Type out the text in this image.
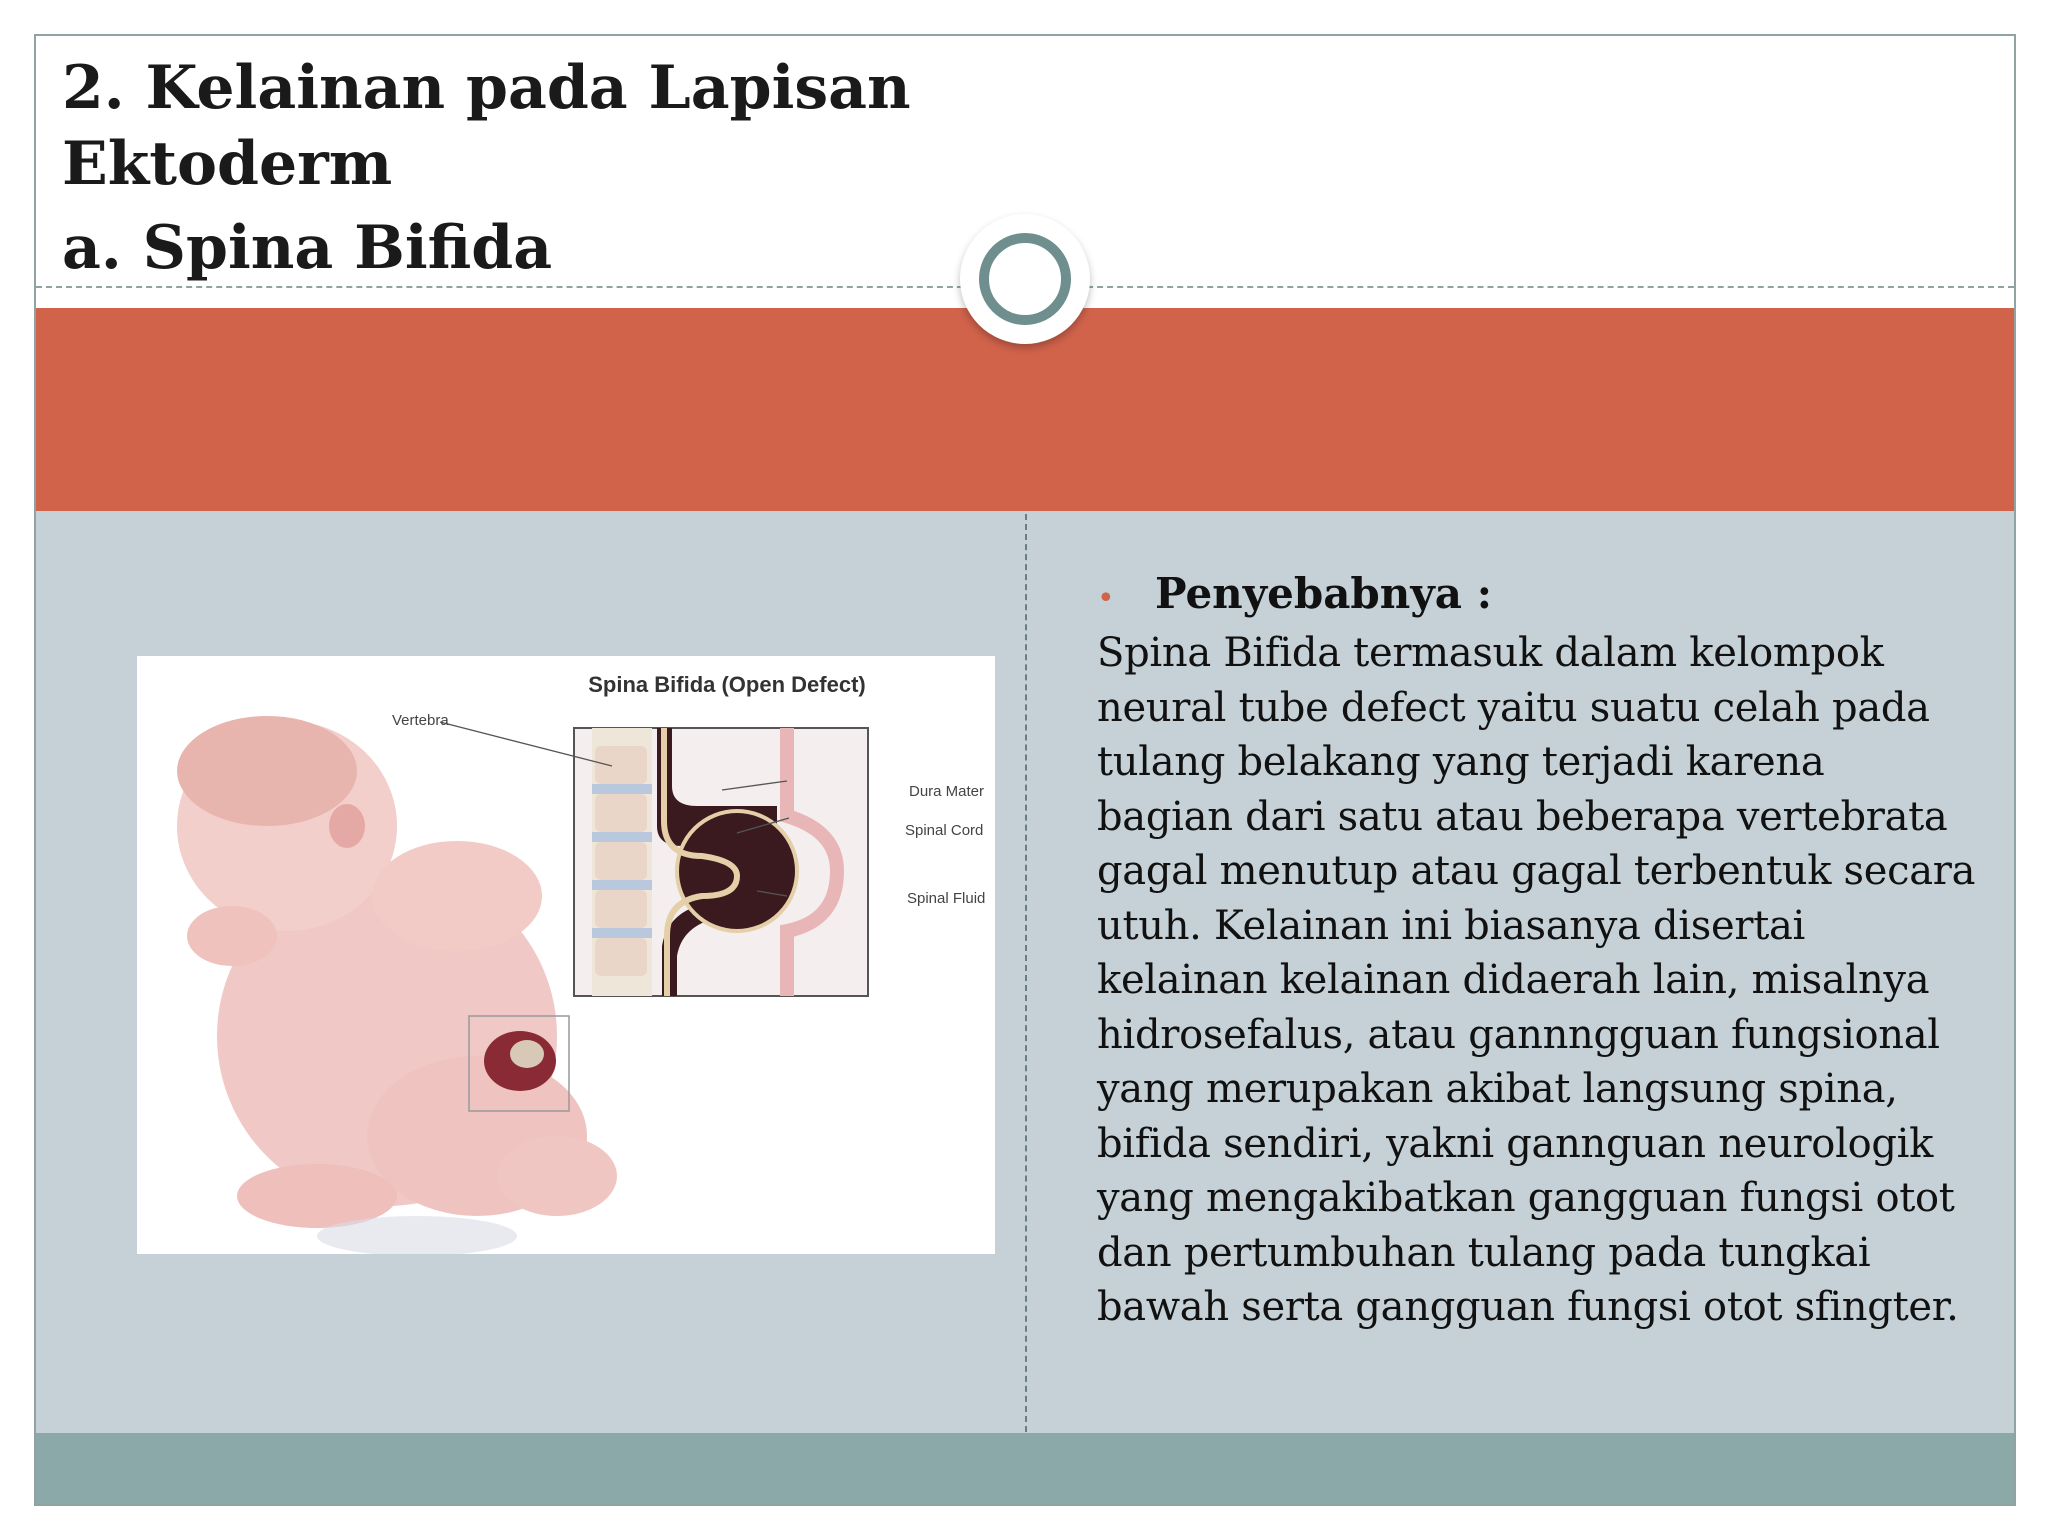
2. Kelainan pada Lapisan
Ektoderm
a. Spina Bifida
Spina Bifida (Open Defect)
Vertebra
Dura Mater
Spinal Cord
Spinal Fluid
• Penyebabnya :
Spina Bifida termasuk dalam kelompok
neural tube defect yaitu suatu celah pada
tulang belakang yang terjadi karena
bagian dari satu atau beberapa vertebrata
gagal menutup atau gagal terbentuk secara
utuh. Kelainan ini biasanya disertai
kelainan kelainan didaerah lain, misalnya
hidrosefalus, atau gannngguan fungsional
yang merupakan akibat langsung spina,
bifida sendiri, yakni gannguan neurologik
yang mengakibatkan gangguan fungsi otot
dan pertumbuhan tulang pada tungkai
bawah serta gangguan fungsi otot sfingter.
